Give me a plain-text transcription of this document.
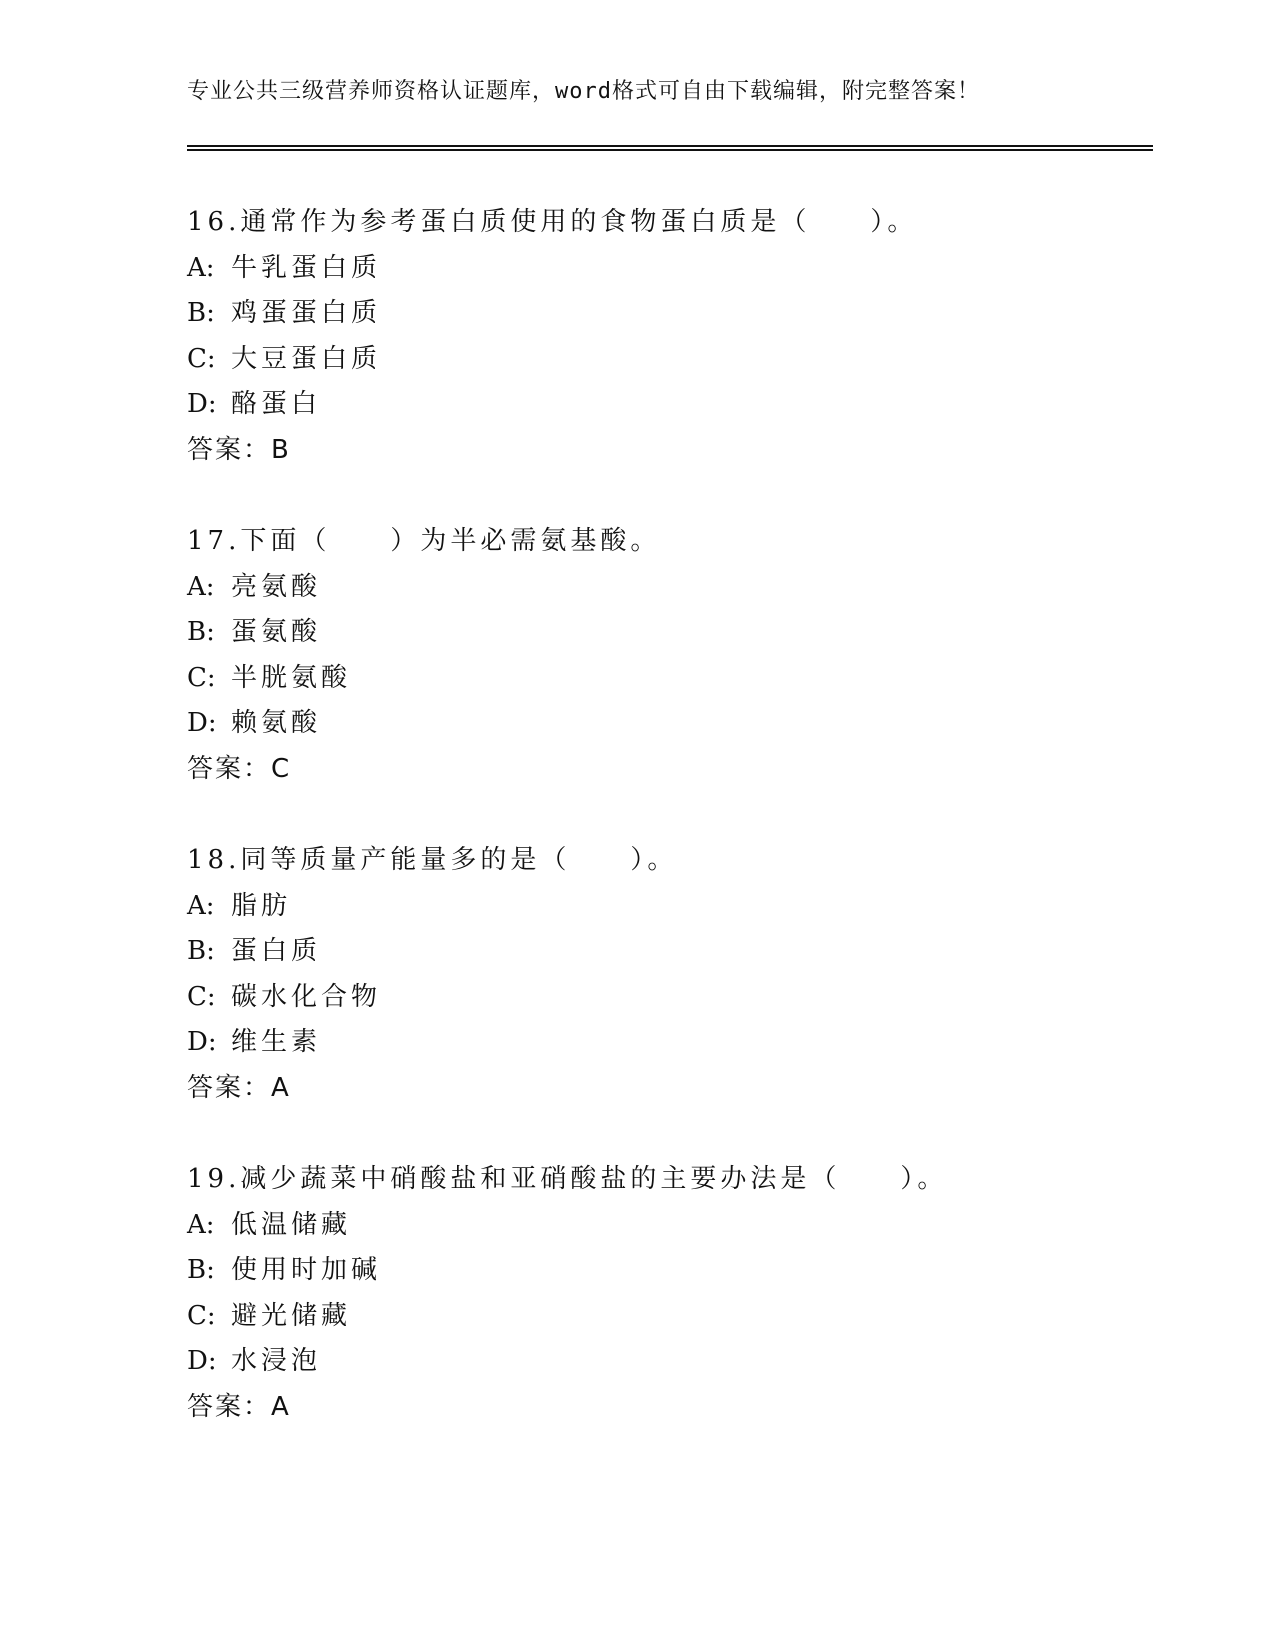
专业公共三级营养师资格认证题库，word格式可自由下载编辑，附完整答案！
16.通常作为参考蛋白质使用的食物蛋白质是（　　）。
A: 牛乳蛋白质
B: 鸡蛋蛋白质
C: 大豆蛋白质
D: 酪蛋白
答案：B
17.下面（　　）为半必需氨基酸。
A: 亮氨酸
B: 蛋氨酸
C: 半胱氨酸
D: 赖氨酸
答案：C
18.同等质量产能量多的是（　　）。
A: 脂肪
B: 蛋白质
C: 碳水化合物
D: 维生素
答案：A
19.减少蔬菜中硝酸盐和亚硝酸盐的主要办法是（　　）。
A: 低温储藏
B: 使用时加碱
C: 避光储藏
D: 水浸泡
答案：A
